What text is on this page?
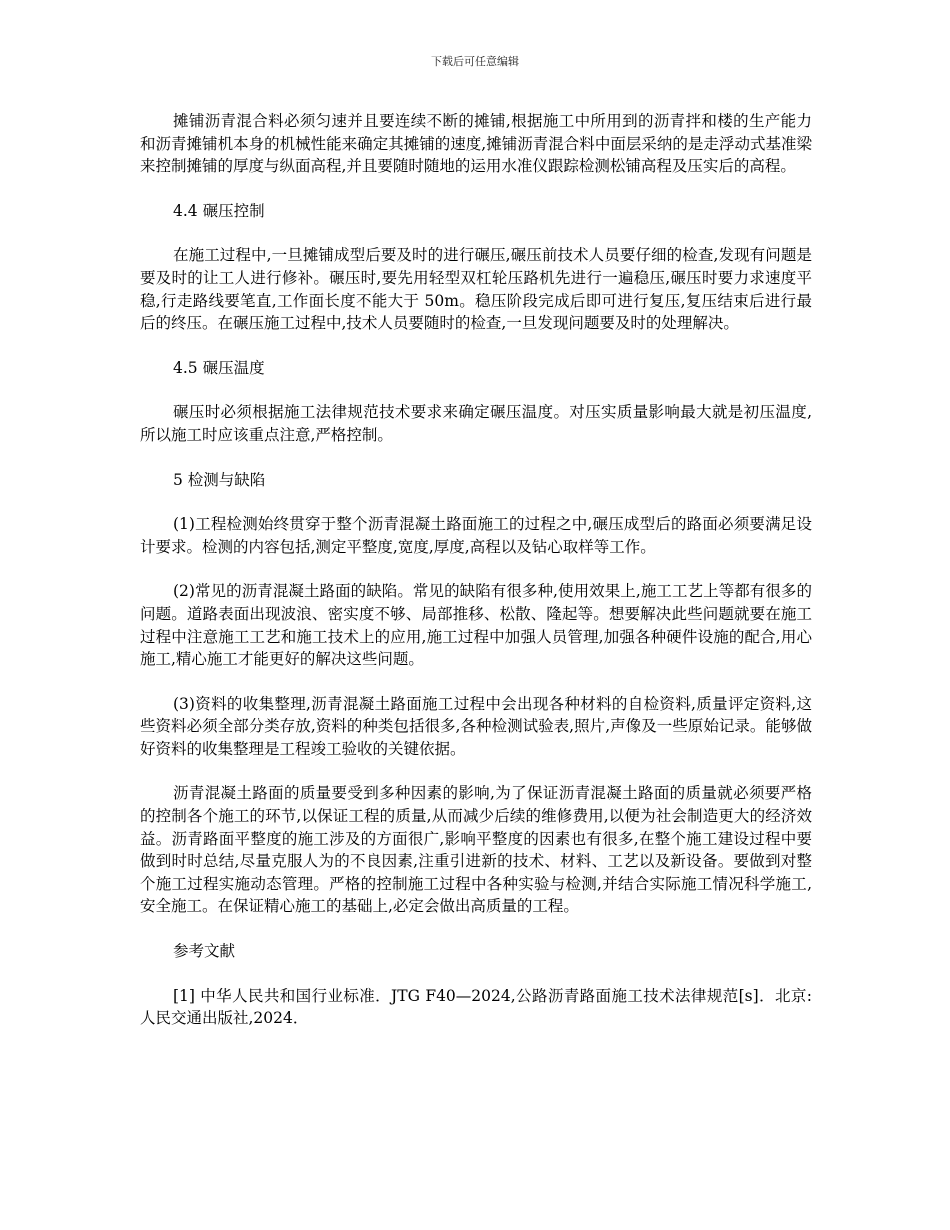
下载后可任意编辑

摊铺沥青混合料必须匀速并且要连续不断的摊铺,根据施工中所用到的沥青拌和楼的生产能力和沥青摊铺机本身的机械性能来确定其摊铺的速度,摊铺沥青混合料中面层采纳的是走浮动式基准梁来控制摊铺的厚度与纵面高程,并且要随时随地的运用水准仪跟踪检测松铺高程及压实后的高程。

4.4 碾压控制

在施工过程中,一旦摊铺成型后要及时的进行碾压,碾压前技术人员要仔细的检查,发现有问题是要及时的让工人进行修补。碾压时,要先用轻型双杠轮压路机先进行一遍稳压,碾压时要力求速度平稳,行走路线要笔直,工作面长度不能大于 50m。稳压阶段完成后即可进行复压,复压结束后进行最后的终压。在碾压施工过程中,技术人员要随时的检查,一旦发现问题要及时的处理解决。

4.5 碾压温度

碾压时必须根据施工法律规范技术要求来确定碾压温度。对压实质量影响最大就是初压温度,所以施工时应该重点注意,严格控制。

5 检测与缺陷

(1)工程检测始终贯穿于整个沥青混凝土路面施工的过程之中,碾压成型后的路面必须要满足设计要求。检测的内容包括,测定平整度,宽度,厚度,高程以及钻心取样等工作。

(2)常见的沥青混凝土路面的缺陷。常见的缺陷有很多种,使用效果上,施工工艺上等都有很多的问题。道路表面出现波浪、密实度不够、局部推移、松散、隆起等。想要解决此些问题就要在施工过程中注意施工工艺和施工技术上的应用,施工过程中加强人员管理,加强各种硬件设施的配合,用心施工,精心施工才能更好的解决这些问题。

(3)资料的收集整理,沥青混凝土路面施工过程中会出现各种材料的自检资料,质量评定资料,这些资料必须全部分类存放,资料的种类包括很多,各种检测试验表,照片,声像及一些原始记录。能够做好资料的收集整理是工程竣工验收的关键依据。

沥青混凝土路面的质量要受到多种因素的影响,为了保证沥青混凝土路面的质量就必须要严格的控制各个施工的环节,以保证工程的质量,从而减少后续的维修费用,以便为社会制造更大的经济效益。沥青路面平整度的施工涉及的方面很广,影响平整度的因素也有很多,在整个施工建设过程中要做到时时总结,尽量克服人为的不良因素,注重引进新的技术、材料、工艺以及新设备。要做到对整个施工过程实施动态管理。严格的控制施工过程中各种实验与检测,并结合实际施工情况科学施工,安全施工。在保证精心施工的基础上,必定会做出高质量的工程。

参考文献

[1] 中华人民共和国行业标准．JTG F40—2024,公路沥青路面施工技术法律规范[s]．北京:人民交通出版社,2024．
